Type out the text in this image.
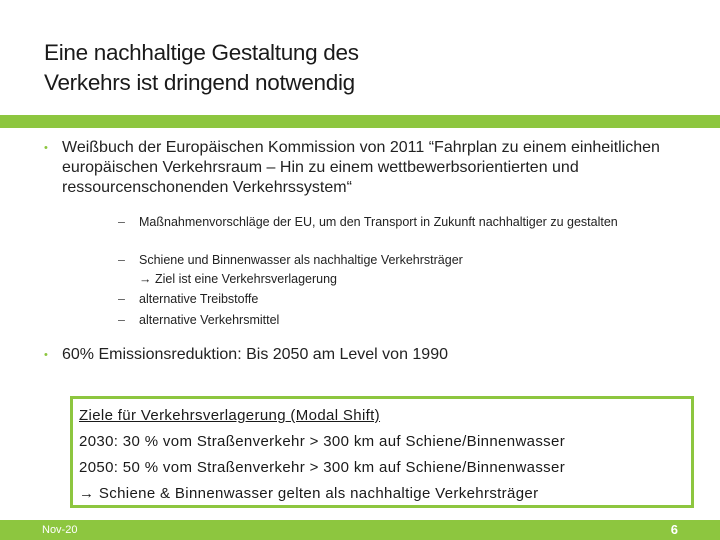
Eine nachhaltige Gestaltung des
Verkehrs ist dringend notwendig
• Weißbuch der Europäischen Kommission von 2011 “Fahrplan zu einem einheitlichen europäischen Verkehrsraum – Hin zu einem wettbewerbsorientierten und ressourcenschonenden Verkehrssystem“
– Maßnahmenvorschläge der EU, um den Transport in Zukunft nachhaltiger zu gestalten
– Schiene und Binnenwasser als nachhaltige Verkehrsträger
→ Ziel ist eine Verkehrsverlagerung
– alternative Treibstoffe
– alternative Verkehrsmittel
• 60% Emissionsreduktion: Bis 2050 am Level von 1990
Ziele für Verkehrsverlagerung (Modal Shift)
2030: 30 % vom Straßenverkehr > 300 km auf Schiene/Binnenwasser
2050: 50 % vom Straßenverkehr > 300 km auf Schiene/Binnenwasser
→ Schiene & Binnenwasser gelten als nachhaltige Verkehrsträger
Nov-20	6
